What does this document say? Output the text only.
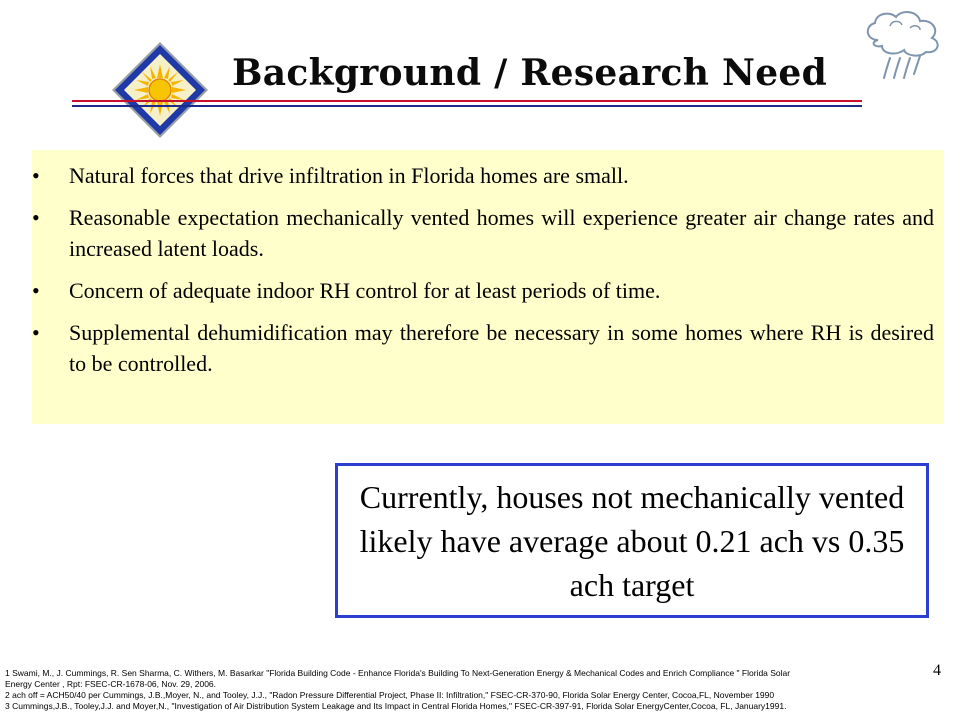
Background / Research Need
• Natural forces that drive infiltration in Florida homes are small.
• Reasonable expectation mechanically vented homes will experience greater air change rates and increased latent loads.
• Concern of adequate indoor RH control for at least periods of time.
• Supplemental dehumidification may therefore be necessary in some homes where RH is desired to be controlled.
Currently, houses not mechanically vented likely have average about 0.21 ach vs 0.35 ach target
4
1 Swami, M., J. Cummings, R. Sen Sharma, C. Withers, M. Basarkar "Florida Building Code - Enhance Florida's Building To Next-Generation Energy & Mechanical Codes and Enrich Compliance " Florida Solar
Energy Center , Rpt: FSEC-CR-1678-06, Nov. 29, 2006.
2 ach off = ACH50/40 per Cummings, J.B.,Moyer, N., and Tooley, J.J., "Radon Pressure Differential Project, Phase II: Infiltration," FSEC-CR-370-90, Florida Solar Energy Center, Cocoa,FL, November 1990
3 Cummings,J.B., Tooley,J.J. and Moyer,N., "Investigation of Air Distribution System Leakage and Its Impact in Central Florida Homes," FSEC-CR-397-91, Florida Solar EnergyCenter,Cocoa, FL, January1991.
